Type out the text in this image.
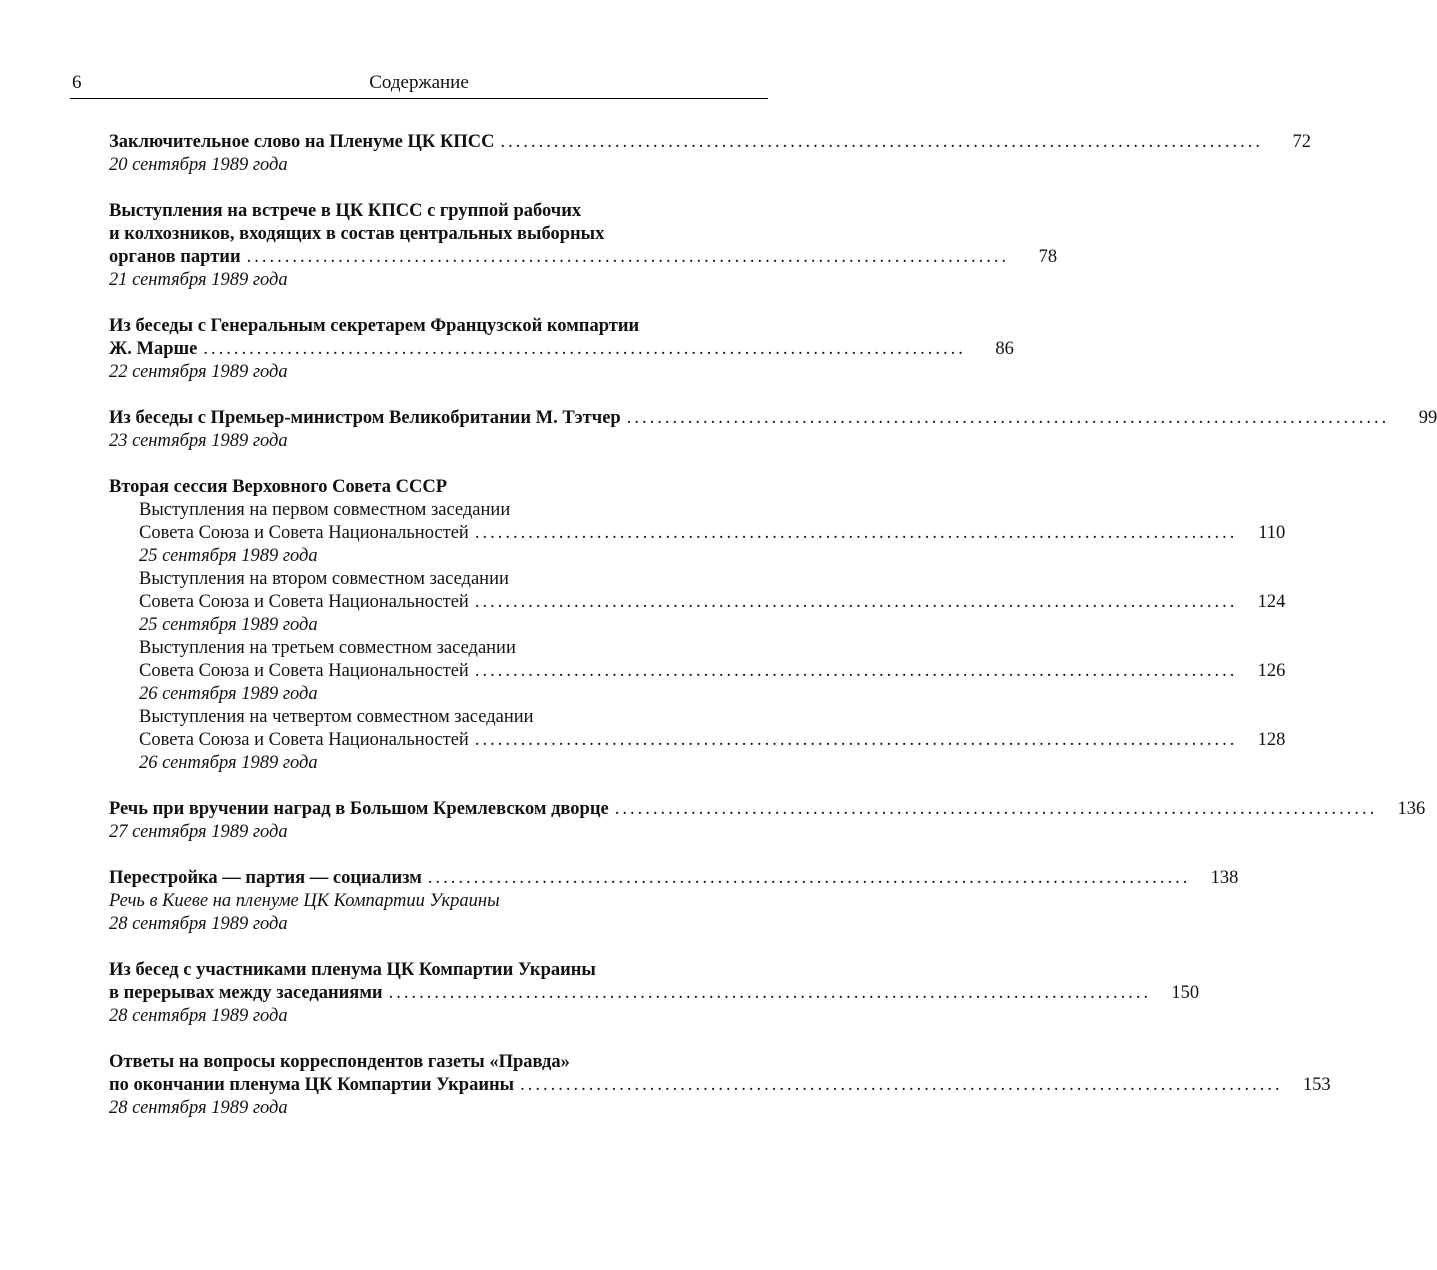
6	Содержание
Заключительное слово на Пленуме ЦК КПСС ....................................................................................................	72
20 сентября 1989 года
Выступления на встрече в ЦК КПСС с группой рабочих
и колхозников, входящих в состав центральных выборных
органов партии ....................................................................................................	78
21 сентября 1989 года
Из беседы с Генеральным секретарем Французской компартии
Ж. Марше ....................................................................................................	86
22 сентября 1989 года
Из беседы с Премьер-министром Великобритании М. Тэтчер ....................................................................................................	99
23 сентября 1989 года
Вторая сессия Верховного Совета СССР
Выступления на первом совместном заседании
Совета Союза и Совета Национальностей .................................................................................................... 110
25 сентября 1989 года
Выступления на втором совместном заседании
Совета Союза и Совета Национальностей .................................................................................................... 124
25 сентября 1989 года
Выступления на третьем совместном заседании
Совета Союза и Совета Национальностей .................................................................................................... 126
26 сентября 1989 года
Выступления на четвертом совместном заседании
Совета Союза и Совета Национальностей .................................................................................................... 128
26 сентября 1989 года
Речь при вручении наград в Большом Кремлевском дворце .................................................................................................... 136
27 сентября 1989 года
Перестройка — партия — социализм .................................................................................................... 138
Речь в Киеве на пленуме ЦК Компартии Украины
28 сентября 1989 года
Из бесед с участниками пленума ЦК Компартии Украины
в перерывах между заседаниями .................................................................................................... 150
28 сентября 1989 года
Ответы на вопросы корреспондентов газеты «Правда»
по окончании пленума ЦК Компартии Украины .................................................................................................... 153
28 сентября 1989 года
